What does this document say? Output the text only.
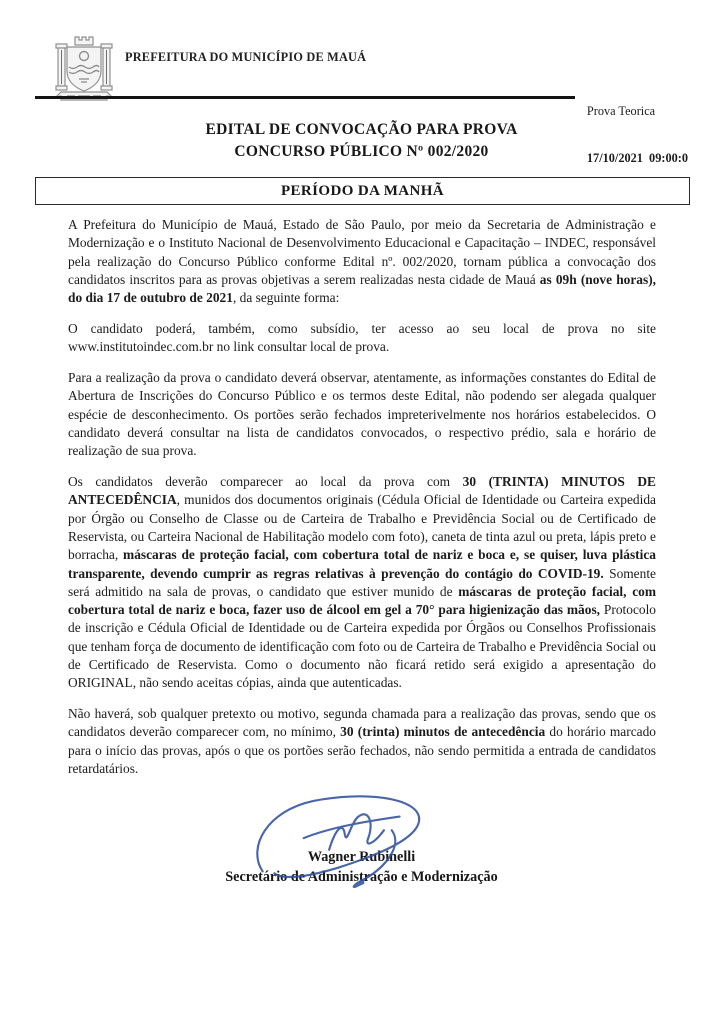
PREFEITURA DO MUNICÍPIO DE MAUÁ

Prova Teorica

17/10/2021  09:00:0

EDITAL DE CONVOCAÇÃO PARA PROVA
CONCURSO PÚBLICO Nº 002/2020
PERÍODO DA MANHÃ

A Prefeitura do Município de Mauá, Estado de São Paulo, por meio da Secretaria de Administração e Modernização e o Instituto Nacional de Desenvolvimento Educacional e Capacitação – INDEC, responsável pela realização do Concurso Público conforme Edital nº. 002/2020, tornam pública a convocação dos candidatos inscritos para as provas objetivas a serem realizadas nesta cidade de Mauá as 09h (nove horas), do dia 17 de outubro de 2021, da seguinte forma:

O candidato poderá, também, como subsídio, ter acesso ao seu local de prova no site www.institutoindec.com.br no link consultar local de prova.

Para a realização da prova o candidato deverá observar, atentamente, as informações constantes do Edital de Abertura de Inscrições do Concurso Público e os termos deste Edital, não podendo ser alegada qualquer espécie de desconhecimento. Os portões serão fechados impreterivelmente nos horários estabelecidos. O candidato deverá consultar na lista de candidatos convocados, o respectivo prédio, sala e horário de realização de sua prova.

Os candidatos deverão comparecer ao local da prova com 30 (TRINTA) MINUTOS DE ANTECEDÊNCIA, munidos dos documentos originais (Cédula Oficial de Identidade ou Carteira expedida por Órgão ou Conselho de Classe ou de Carteira de Trabalho e Previdência Social ou de Certificado de Reservista, ou Carteira Nacional de Habilitação modelo com foto), caneta de tinta azul ou preta, lápis preto e borracha, máscaras de proteção facial, com cobertura total de nariz e boca e, se quiser, luva plástica transparente, devendo cumprir as regras relativas à prevenção do contágio do COVID-19. Somente será admitido na sala de provas, o candidato que estiver munido de máscaras de proteção facial, com cobertura total de nariz e boca, fazer uso de álcool em gel a 70° para higienização das mãos, Protocolo de inscrição e Cédula Oficial de Identidade ou de Carteira expedida por Órgãos ou Conselhos Profissionais que tenham força de documento de identificação com foto ou de Carteira de Trabalho e Previdência Social ou de Certificado de Reservista. Como o documento não ficará retido será exigido a apresentação do ORIGINAL, não sendo aceitas cópias, ainda que autenticadas.

Não haverá, sob qualquer pretexto ou motivo, segunda chamada para a realização das provas, sendo que os candidatos deverão comparecer com, no mínimo, 30 (trinta) minutos de antecedência do horário marcado para o início das provas, após o que os portões serão fechados, não sendo permitida a entrada de candidatos retardatários.

Wagner Rubinelli
Secretário de Administração e Modernização
